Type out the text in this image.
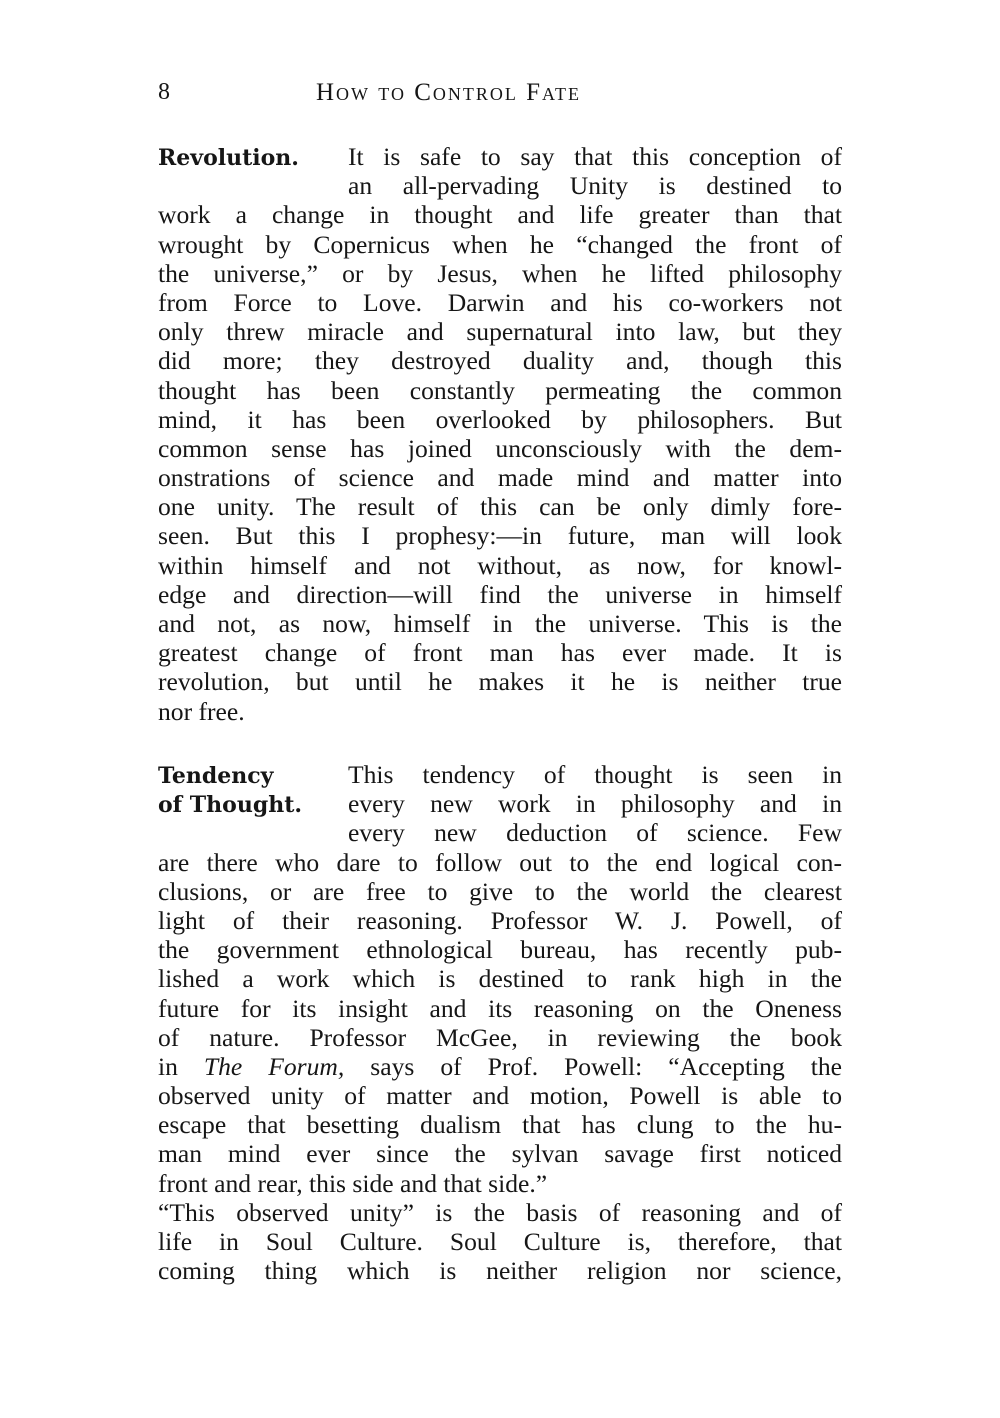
8	How to Control Fate
Revolution.	It is safe to say that this conception of
an all-pervading Unity is destined to
work a change in thought and life greater than that
wrought by Copernicus when he “changed the front of
the universe,” or by Jesus, when he lifted philosophy
from Force to Love. Darwin and his co-workers not
only threw miracle and supernatural into law, but they
did more; they destroyed duality and, though this
thought has been constantly permeating the common
mind, it has been overlooked by philosophers. But
common sense has joined unconsciously with the dem-
onstrations of science and made mind and matter into
one unity. The result of this can be only dimly fore-
seen. But this I prophesy:—in future, man will look
within himself and not without, as now, for knowl-
edge and direction—will find the universe in himself
and not, as now, himself in the universe. This is the
greatest change of front man has ever made. It is
revolution, but until he makes it he is neither true
nor free.
Tendency
of Thought.
This tendency of thought is seen in
every new work in philosophy and in
every new deduction of science. Few
are there who dare to follow out to the end logical con-
clusions, or are free to give to the world the clearest
light of their reasoning. Professor W. J. Powell, of
the government ethnological bureau, has recently pub-
lished a work which is destined to rank high in the
future for its insight and its reasoning on the Oneness
of nature. Professor McGee, in reviewing the book
in The Forum, says of Prof. Powell: “Accepting the
observed unity of matter and motion, Powell is able to
escape that besetting dualism that has clung to the hu-
man mind ever since the sylvan savage first noticed
front and rear, this side and that side.”
“This observed unity” is the basis of reasoning and of
life in Soul Culture. Soul Culture is, therefore, that
coming thing which is neither religion nor science,
